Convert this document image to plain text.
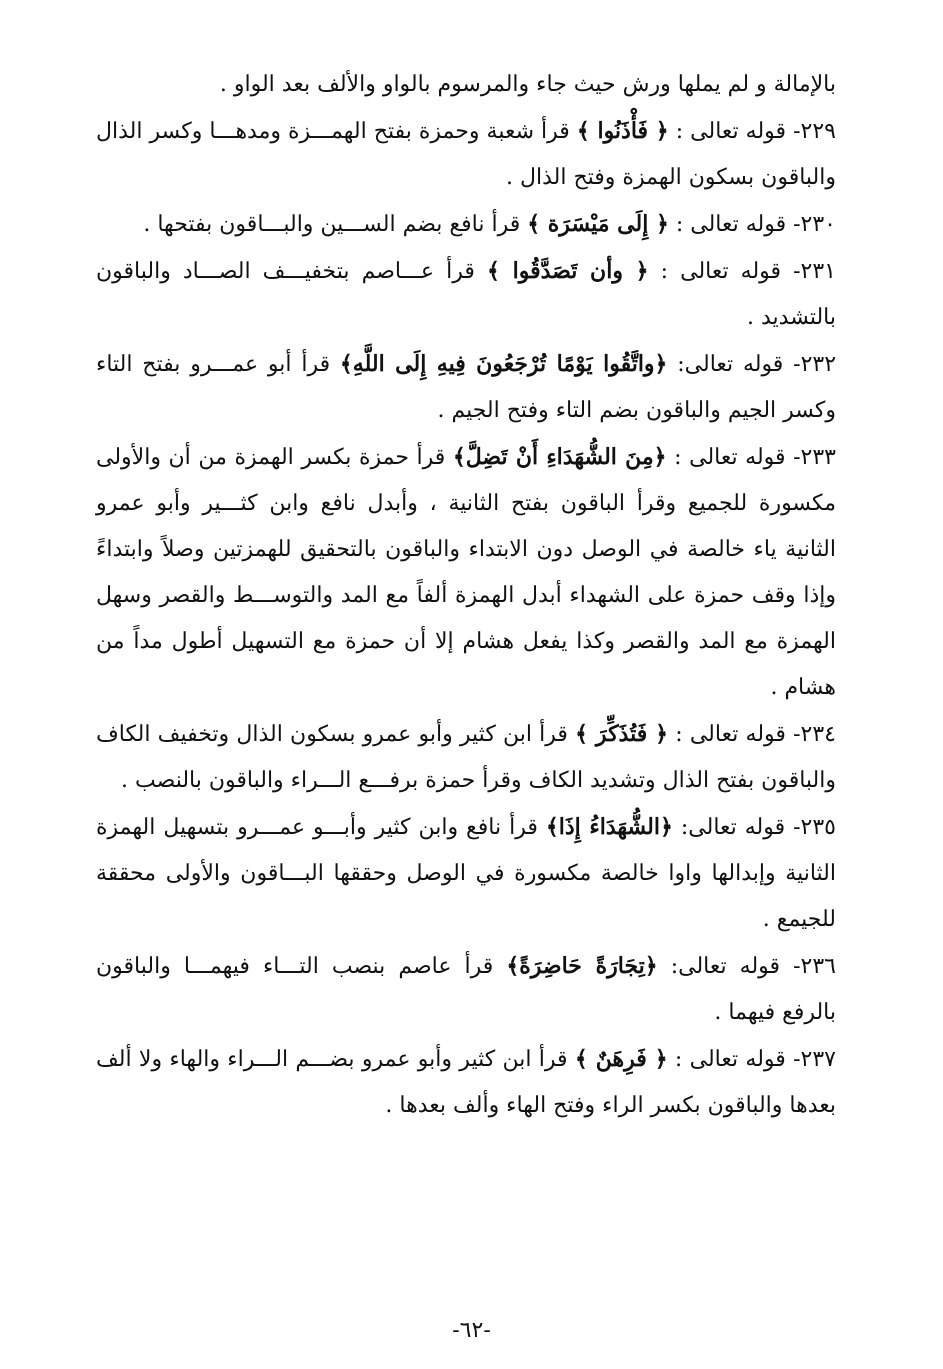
بالإمالة و لم يملها ورش حيث جاء والمرسوم بالواو والألف بعد الواو .

٢٢٩- قوله تعالى : ﴿ فَأْذَنُوا ﴾ قرأ شعبة وحمزة بفتح الهمـــزة ومدهـــا وكسر الذال والباقون بسكون الهمزة وفتح الذال .

٢٣٠- قوله تعالى : ﴿ إِلَى مَيْسَرَة ﴾ قرأ نافع بضم الســـين والبـــاقون بفتحها .

٢٣١- قوله تعالى : ﴿ وأن تَصَدَّقُوا ﴾ قرأ عـــاصم بتخفيـــف الصـــاد والباقون بالتشديد .

٢٣٢- قوله تعالى: ﴿واتَّقُوا يَوْمًا تُرْجَعُونَ فِيهِ إِلَى اللَّهِ﴾ قرأ أبو عمـــرو بفتح التاء وكسر الجيم والباقون بضم التاء وفتح الجيم .

٢٣٣- قوله تعالى : ﴿مِنَ الشُّهَدَاءِ أَنْ تَضِلَّ﴾ قرأ حمزة بكسر الهمزة من أن والأولى مكسورة للجميع وقرأ الباقون بفتح الثانية ، وأبدل نافع وابن كثـــير وأبو عمرو الثانية ياء خالصة في الوصل دون الابتداء والباقون بالتحقيق للهمزتين وصلاً وابتداءً وإذا وقف حمزة على الشهداء أبدل الهمزة ألفاً مع المد والتوســـط والقصر وسهل الهمزة مع المد والقصر وكذا يفعل هشام إلا أن حمزة مع التسهيل أطول مداً من هشام .

٢٣٤- قوله تعالى : ﴿ فَتُذَكِّرَ ﴾ قرأ ابن كثير وأبو عمرو بسكون الذال وتخفيف الكاف والباقون بفتح الذال وتشديد الكاف وقرأ حمزة برفـــع الـــراء والباقون بالنصب .

٢٣٥- قوله تعالى: ﴿الشُّهَدَاءُ إِذَا﴾ قرأ نافع وابن كثير وأبـــو عمـــرو بتسهيل الهمزة الثانية وإبدالها واوا خالصة مكسورة في الوصل وحققها البـــاقون والأولى محققة للجيمع .

٢٣٦- قوله تعالى: ﴿تِجَارَةً حَاضِرَةً﴾ قرأ عاصم بنصب التـــاء فيهمـــا والباقون بالرفع فيهما .

٢٣٧- قوله تعالى : ﴿ فَرِهَنٌ ﴾ قرأ ابن كثير وأبو عمرو بضـــم الـــراء والهاء ولا ألف بعدها والباقون بكسر الراء وفتح الهاء وألف بعدها .

-٦٢-
